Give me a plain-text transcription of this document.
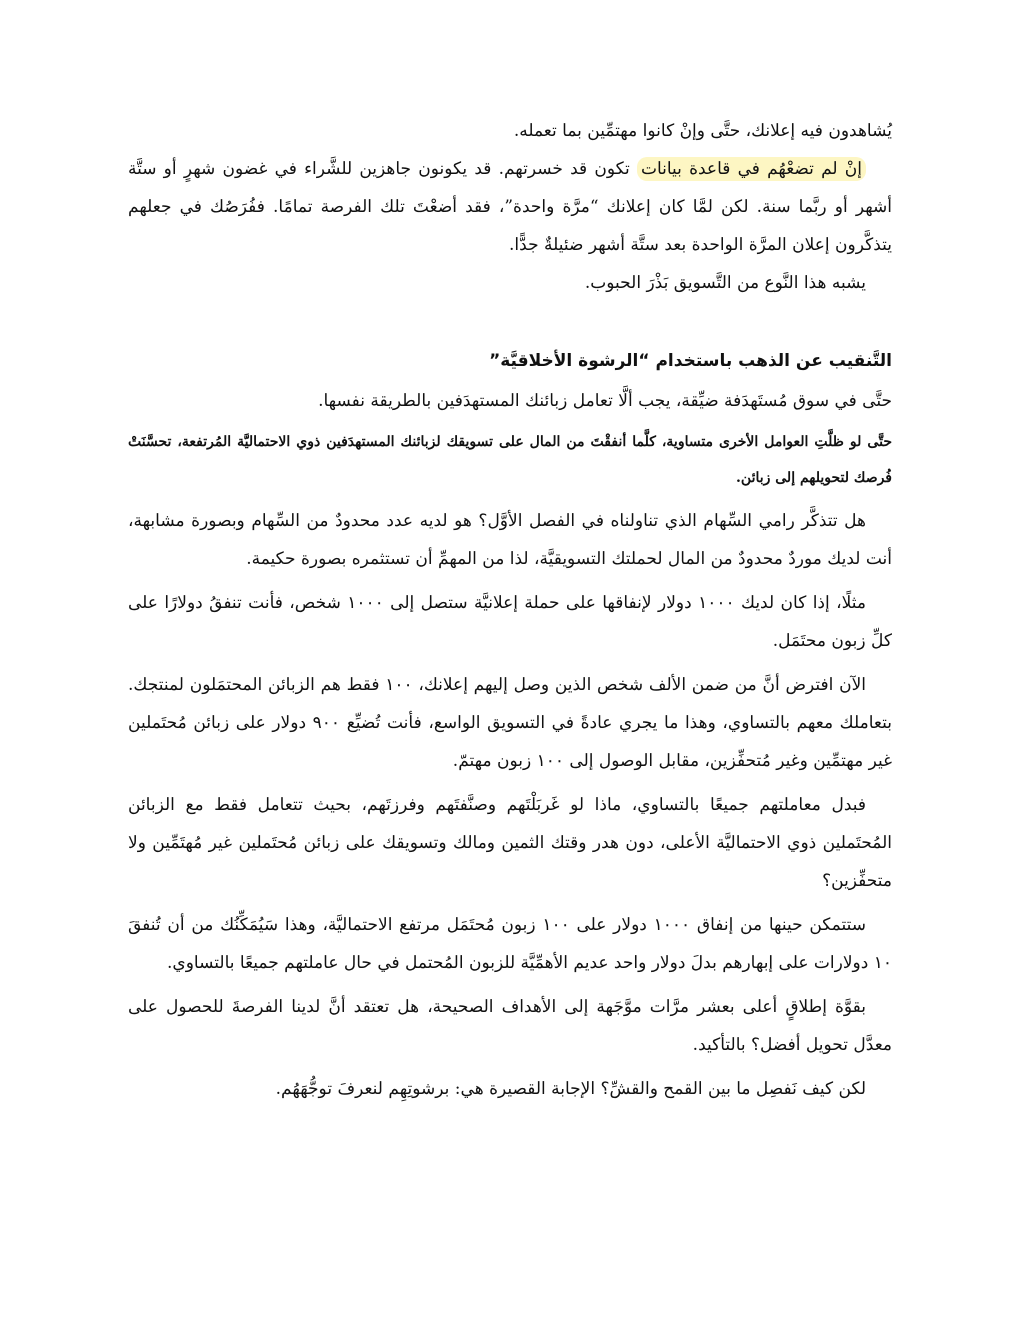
يُشاهدون فيه إعلانك، حتَّى وإنْ كانوا مهتمِّين بما تعمله.

إنْ لم تضعْهُم في قاعدة بيانات تكون قد خسرتهم. قد يكونون جاهزين للشَّراء في غضون شهرٍ أو ستَّة أشهر أو ربَّما سنة. لكن لمَّا كان إعلانك “مرَّة واحدة”، فقد أضعْتَ تلك الفرصة تمامًا. ففُرَصُك في جعلهم يتذكَّرون إعلان المرَّة الواحدة بعد ستَّة أشهر ضئيلةٌ جدًّا.

يشبه هذا النَّوع من التَّسويق بَذْرَ الحبوب.

التَّنقيب عن الذهب باستخدام “الرشوة الأخلاقيَّة”

حتَّى في سوق مُستَهدَفة ضيِّقة، يجب ألَّا تعامل زبائنك المستهدَفين بالطريقة نفسها.

حتَّى لو ظلَّتِ العوامل الأخرى متساوية، كلَّما أنفقْتَ من المال على تسويقك لزبائنك المستهدَفين ذوي الاحتماليَّة المُرتفعة، تحسَّنَتْ فُرصك لتحويلهم إلى زبائن.

هل تتذكَّر رامي السِّهام الذي تناولناه في الفصل الأوَّل؟ هو لديه عدد محدودٌ من السِّهام وبصورة مشابهة، أنت لديك موردٌ محدودٌ من المال لحملتك التسويقيَّة، لذا من المهمِّ أن تستثمره بصورة حكيمة.

مثلًا، إذا كان لديك ١٠٠٠ دولار لإنفاقها على حملة إعلانيَّة ستصل إلى ١٠٠٠ شخص، فأنت تنفقُ دولارًا على كلِّ زبون محتَمَل.

الآن افترض أنَّ من ضمن الألف شخص الذين وصل إليهم إعلانك، ١٠٠ فقط هم الزبائن المحتمَلون لمنتجك. بتعاملك معهم بالتساوي، وهذا ما يجري عادةً في التسويق الواسع، فأنت تُضيِّع ٩٠٠ دولار على زبائن مُحتَملين غير مهتمِّين وغير مُتحفِّزين، مقابل الوصول إلى ١٠٠ زبون مهتمّ.

فبدل معاملتهم جميعًا بالتساوي، ماذا لو غَربَلْتَهم وصنَّفتَهم وفرزتَهم، بحيث تتعامل فقط مع الزبائن المُحتَملين ذوي الاحتماليَّة الأعلى، دون هدر وقتك الثمين ومالك وتسويقك على زبائن مُحتَملين غير مُهتَمِّين ولا متحفِّزين؟

ستتمكن حينها من إنفاق ١٠٠٠ دولار على ١٠٠ زبون مُحتَمَل مرتفع الاحتماليَّة، وهذا سَيُمَكِّنُك من أن تُنفقَ ١٠ دولارات على إبهارهم بدلَ دولار واحد عديم الأهمِّيَّة للزبون المُحتمل في حال عاملتهم جميعًا بالتساوي.

بقوَّة إطلاقٍ أعلى بعشر مرَّات موَّجَهة إلى الأهداف الصحيحة، هل تعتقد أنَّ لدينا الفرصةَ للحصول على معدَّل تحويل أفضل؟ بالتأكيد.

لكن كيف نَفصِل ما بين القمح والقشِّ؟ الإجابة القصيرة هي: برشوتِهِم لنعرفَ توجُّهَهُم.
